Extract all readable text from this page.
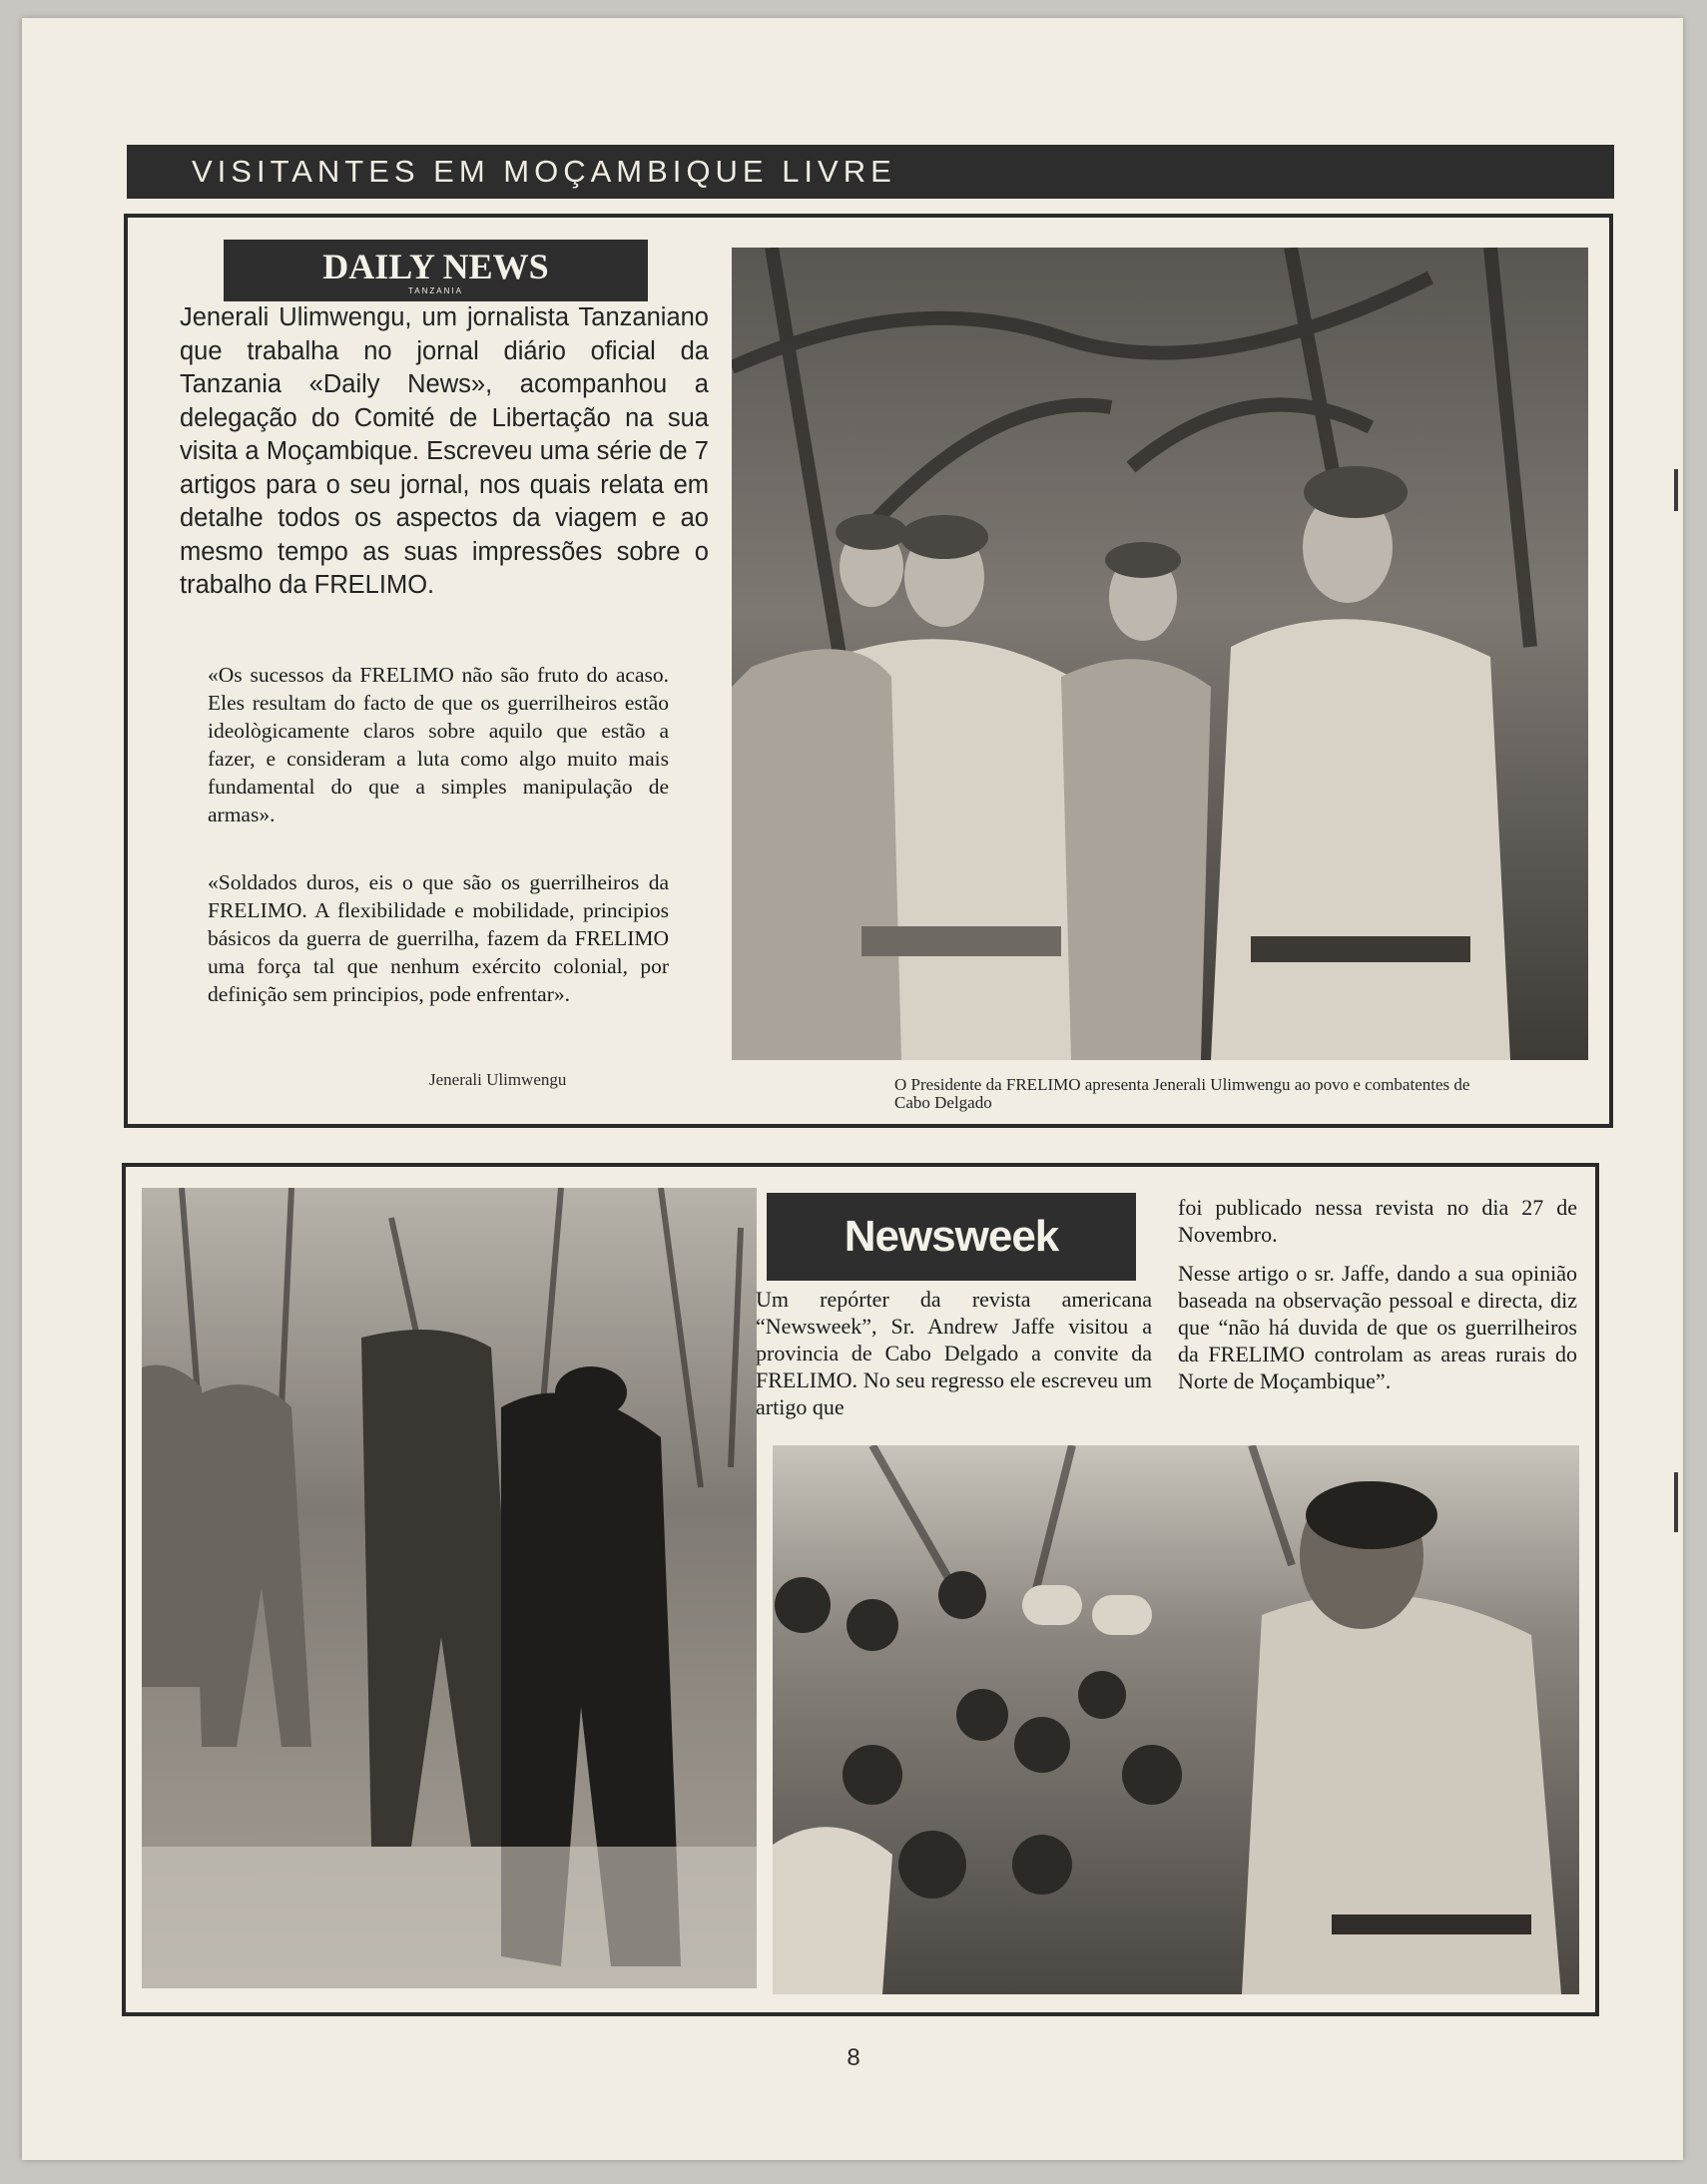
VISITANTES EM MOÇAMBIQUE LIVRE
DAILY NEWS
TANZANIA
Jenerali Ulimwengu, um jornalista Tanzaniano que trabalha no jornal diário oficial da Tanzania «Daily News», acompanhou a delegação do Comité de Libertação na sua visita a Moçambique. Escreveu uma série de 7 artigos para o seu jornal, nos quais relata em detalhe todos os aspectos da viagem e ao mesmo tempo as suas impressões sobre o trabalho da FRELIMO.

«Os sucessos da FRELIMO não são fruto do acaso. Eles resultam do facto de que os guerrilheiros estão ideològicamente claros sobre aquilo que estão a fazer, e consideram a luta como algo muito mais fundamental do que a simples manipulação de armas».

«Soldados duros, eis o que são os guerrilheiros da FRELIMO. A flexibilidade e mobilidade, principios básicos da guerra de guerrilha, fazem da FRELIMO uma força tal que nenhum exército colonial, por definição sem principios, pode enfrentar».

Jenerali Ulimwengu	O Presidente da FRELIMO apresenta Jenerali Ulimwengu ao povo e combatentes de Cabo Delgado
Newsweek

Um repórter da revista americana “Newsweek”, Sr. Andrew Jaffe visitou a provincia de Cabo Delgado a convite da FRELIMO. No seu regresso ele escreveu um artigo que

foi publicado nessa revista no dia 27 de Novembro.

Nesse artigo o sr. Jaffe, dando a sua opinião baseada na observação pessoal e directa, diz que “não há duvida de que os guerrilheiros da FRELIMO controlam as areas rurais do Norte de Moçambique”.

8
